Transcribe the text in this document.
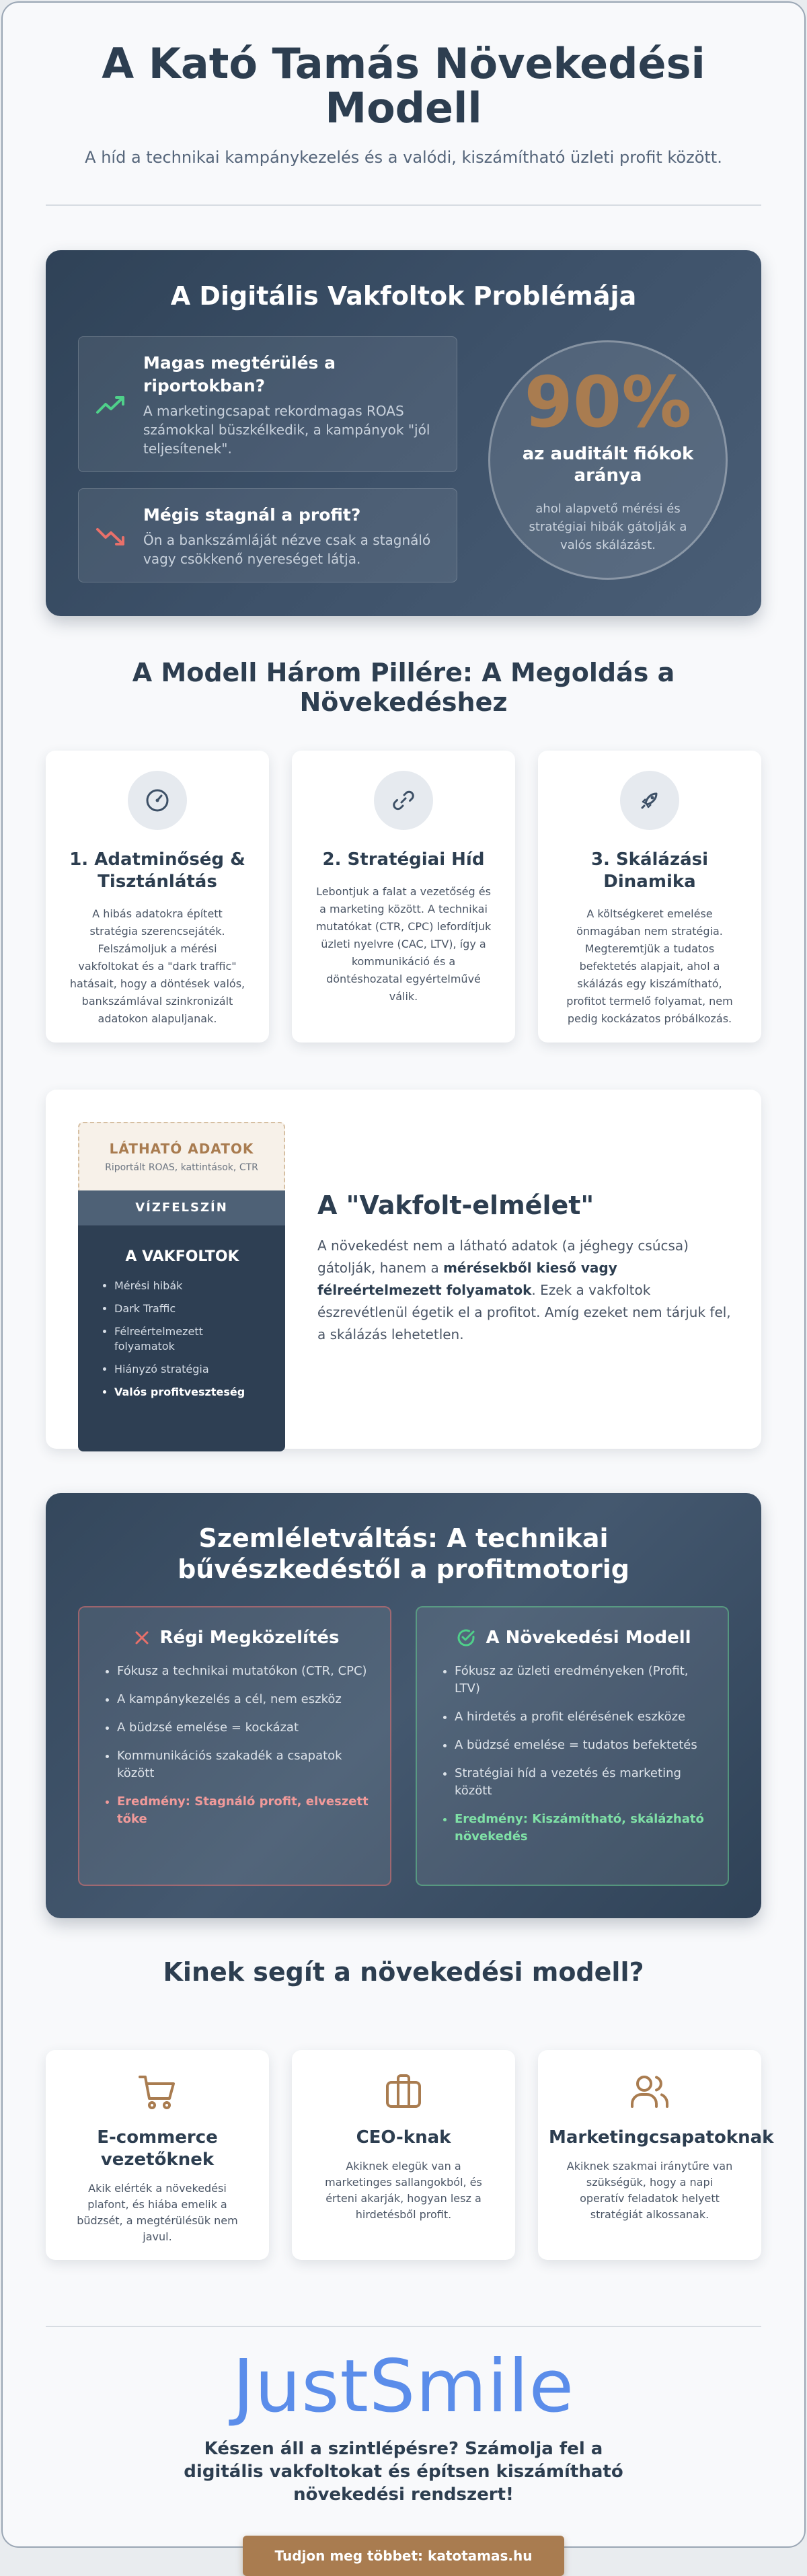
A Kató Tamás Növekedési Modell

A híd a technikai kampánykezelés és a valódi, kiszámítható üzleti profit között.

A Digitális Vakfoltok Problémája
Magas megtérülés a riportokban?

A marketingcsapat rekordmagas ROAS számokkal büszkélkedik, a kampányok "jól teljesítenek".

Mégis stagnál a profit?

Ön a bankszámláját nézve csak a stagnáló vagy csökkenő nyereséget látja.

90%
az auditált fiókok aránya
ahol alapvető mérési és stratégiai hibák gátolják a valós skálázást.
A Modell Három Pillére: A Megoldás a Növekedéshez
1. Adatminőség & Tisztánlátás

A hibás adatokra épített stratégia szerencsejáték. Felszámoljuk a mérési vakfoltokat és a "dark traffic" hatásait, hogy a döntések valós, bankszámlával szinkronizált adatokon alapuljanak.

2. Stratégiai Híd

Lebontjuk a falat a vezetőség és a marketing között. A technikai mutatókat (CTR, CPC) lefordítjuk üzleti nyelvre (CAC, LTV), így a kommunikáció és a döntéshozatal egyértelművé válik.

3. Skálázási Dinamika

A költségkeret emelése önmagában nem stratégia. Megteremtjük a tudatos befektetés alapjait, ahol a skálázás egy kiszámítható, profitot termelő folyamat, nem pedig kockázatos próbálkozás.

LÁTHATÓ ADATOK

Riportált ROAS, kattintások, CTR

VÍZFELSZÍN
A VAKFOLTOK
• Mérési hibák
• Dark Traffic
• Félreértelmezett folyamatok
• Hiányzó stratégia
• Valós profitveszteség
A "Vakfolt-elmélet"

A növekedést nem a látható adatok (a jéghegy csúcsa) gátolják, hanem a mérésekből kieső vagy félreértelmezett folyamatok. Ezek a vakfoltok észrevétlenül égetik el a profitot. Amíg ezeket nem tárjuk fel, a skálázás lehetetlen.

Szemléletváltás: A technikai bűvészkedéstől a profitmotorig
Régi Megközelítés
• Fókusz a technikai mutatókon (CTR, CPC)
• A kampánykezelés a cél, nem eszköz
• A büdzsé emelése = kockázat
• Kommunikációs szakadék a csapatok között
• Eredmény: Stagnáló profit, elveszett tőke
A Növekedési Modell
• Fókusz az üzleti eredményeken (Profit, LTV)
• A hirdetés a profit elérésének eszköze
• A büdzsé emelése = tudatos befektetés
• Stratégiai híd a vezetés és marketing között
• Eredmény: Kiszámítható, skálázható növekedés
Kinek segít a növekedési modell?
E-commerce vezetőknek

Akik elérték a növekedési plafont, és hiába emelik a büdzsét, a megtérülésük nem javul.

CEO-knak

Akiknek elegük van a marketinges sallangokból, és érteni akarják, hogyan lesz a hirdetésből profit.

Marketingcsapatoknak

Akiknek szakmai iránytűre van szükségük, hogy a napi operatív feladatok helyett stratégiát alkossanak.

JustSmile

Készen áll a szintlépésre? Számolja fel a digitális vakfoltokat és építsen kiszámítható növekedési rendszert!

Tudjon meg többet: katotamas.hu
